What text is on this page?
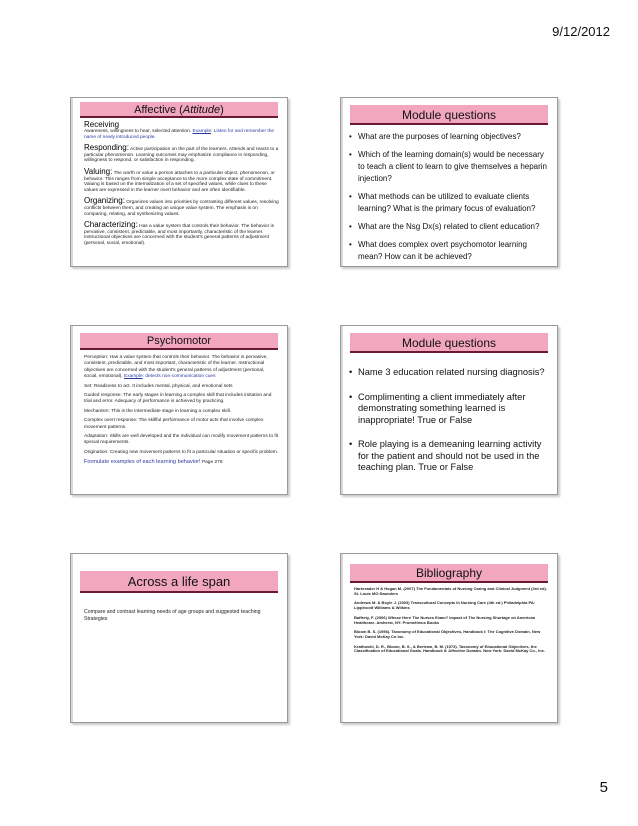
9/12/2012
Affective (Attitude)
Receiving
Awareness, willingness to hear, selected attention. Example: Listen for and remember the name of newly introduced people.
Responding: Active participation on the part of the learners. Attends and reacts to a particular phenomenon. Learning outcomes may emphasize compliance in responding, willingness to respond, or satisfaction in responding.
Valuing: The worth or value a person attaches to a particular object, phenomenon, or behavior. This ranges from simple acceptance to the more complex state of commitment. Valuing is based on the internalization of a set of specified values, while clues to these values are expressed in the learner overt behavior and are often identifiable.
Organizing: Organizes values into priorities by contrasting different values, resolving conflicts between them, and creating an unique value system. The emphasis is on comparing, relating, and synthesizing values.
Characterizing: Has a value system that controls their behavior. The behavior is pervasive, consistent, predictable, and most importantly, characteristic of the learner. Instructional objectives are concerned with the student's general patterns of adjustment (personal, social, emotional).
Module questions
• What are the purposes of learning objectives?
• Which of the learning domain(s) would be necessary to teach a client to learn to give themselves a heparin injection?
• What methods can be utilized to evaluate clients learning? What is the primary focus of evaluation?
• What are the Nsg Dx(s) related to client education?
• What does complex overt psychomotor learning mean? How can it be achieved?
Psychomotor
Perception: Has a value system that controls their behavior. The behavior is pervasive, consistent, predictable, and most important, characteristic of the learner. Instructional objectives are concerned with the student's general patterns of adjustment (personal, social, emotional). Example: detects non-communication cues
Set: Readiness to act. It includes mental, physical, and emotional sets
Guided response: The early stages in learning a complex skill that includes imitation and trial and error. Adequacy of performance is achieved by practicing.
Mechanism: This is the intermediate stage in learning a complex skill.
Complex overt response: The skillful performance of motor acts that involve complex movement patterns.
Adaptation: Skills are well developed and the individual can modify movement patterns to fit special requirements.
Origination: Creating new movement patterns to fit a particular situation or specific problem.
Formulate examples of each learning behavior! Page 278
Module questions
• Name 3 education related nursing diagnosis?
• Complimenting a client immediately after demonstrating something learned is inappropriate! True or False
• Role playing is a demeaning learning activity for the patient and should not be used in the teaching plan. True or False
Across a life span
Compare and contrast learning needs of age groups and suggested teaching Strategies
Bibliography
Harkreader H & Hogan M, (2007) The Fundamentals of Nursing Caring and Clinical Judgment (3rd ed). St. Louis MO:Saunders
Andrews M. & Boyle J. (2003) Transcultural Concepts In Nursing Care (4th ed.) Philadelphia PA: Lippincott Williams & Wilkins
Bafferty, F. (2006) Whose Here The Nurses Exam? Impact of The Nursing Shortage on American Healthcare. Amherst, NY: Prometheus Books
Bloom B. S. (1956). Taxonomy of Educational Objectives, Handbook I: The Cognitive Domain. New York: David McKay Co Inc.
Krathwohl, D. R., Bloom, B. S., & Bertram, B. M. (1973). Taxonomy of Educational Objectives, the Classification of Educational Goals. Handbook II: Affective Domain. New York: David McKay Co., Inc.
5
